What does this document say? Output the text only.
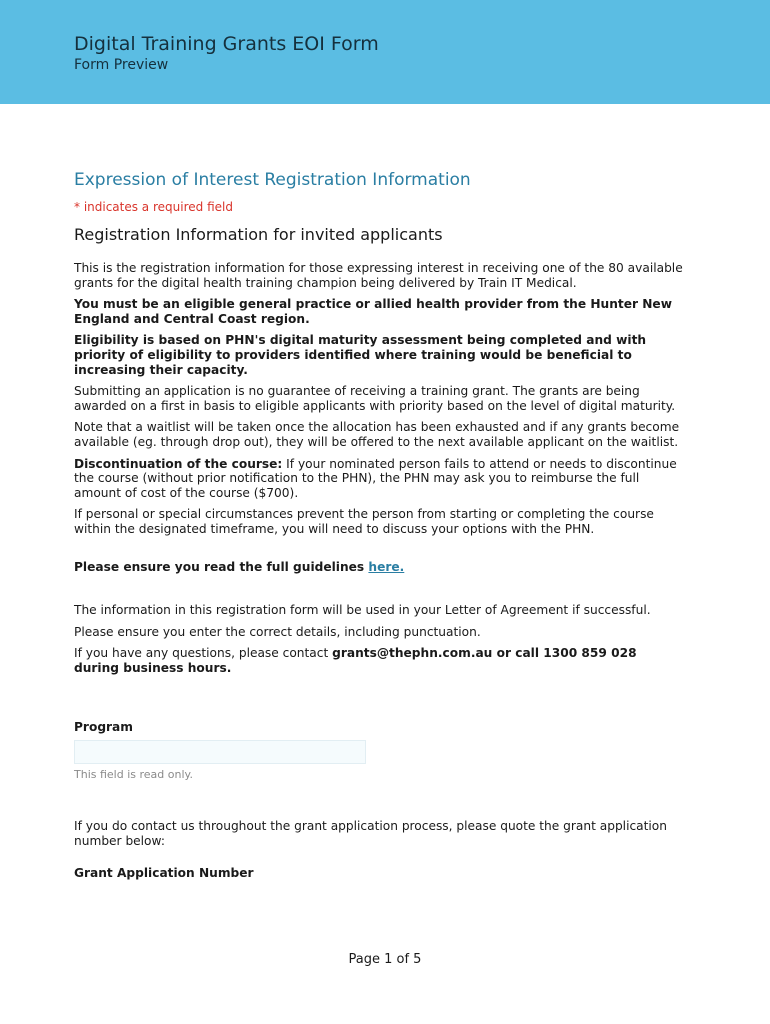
Digital Training Grants EOI Form
Form Preview
Expression of Interest Registration Information
* indicates a required field
Registration Information for invited applicants

This is the registration information for those expressing interest in receiving one of the 80 available grants for the digital health training champion being delivered by Train IT Medical.

You must be an eligible general practice or allied health provider from the Hunter New England and Central Coast region.

Eligibility is based on PHN's digital maturity assessment being completed and with priority of eligibility to providers identified where training would be beneficial to increasing their capacity.

Submitting an application is no guarantee of receiving a training grant. The grants are being awarded on a first in basis to eligible applicants with priority based on the level of digital maturity.

Note that a waitlist will be taken once the allocation has been exhausted and if any grants become available (eg. through drop out), they will be offered to the next available applicant on the waitlist.

Discontinuation of the course: If your nominated person fails to attend or needs to discontinue the course (without prior notification to the PHN), the PHN may ask you to reimburse the full amount of cost of the course ($700).

If personal or special circumstances prevent the person from starting or completing the course within the designated timeframe, you will need to discuss your options with the PHN.

Please ensure you read the full guidelines here.

The information in this registration form will be used in your Letter of Agreement if successful.

Please ensure you enter the correct details, including punctuation.

If you have any questions, please contact grants@thephn.com.au or call 1300 859 028 during business hours.

Program
This field is read only.

If you do contact us throughout the grant application process, please quote the grant application number below:

Grant Application Number
Page 1 of 5
